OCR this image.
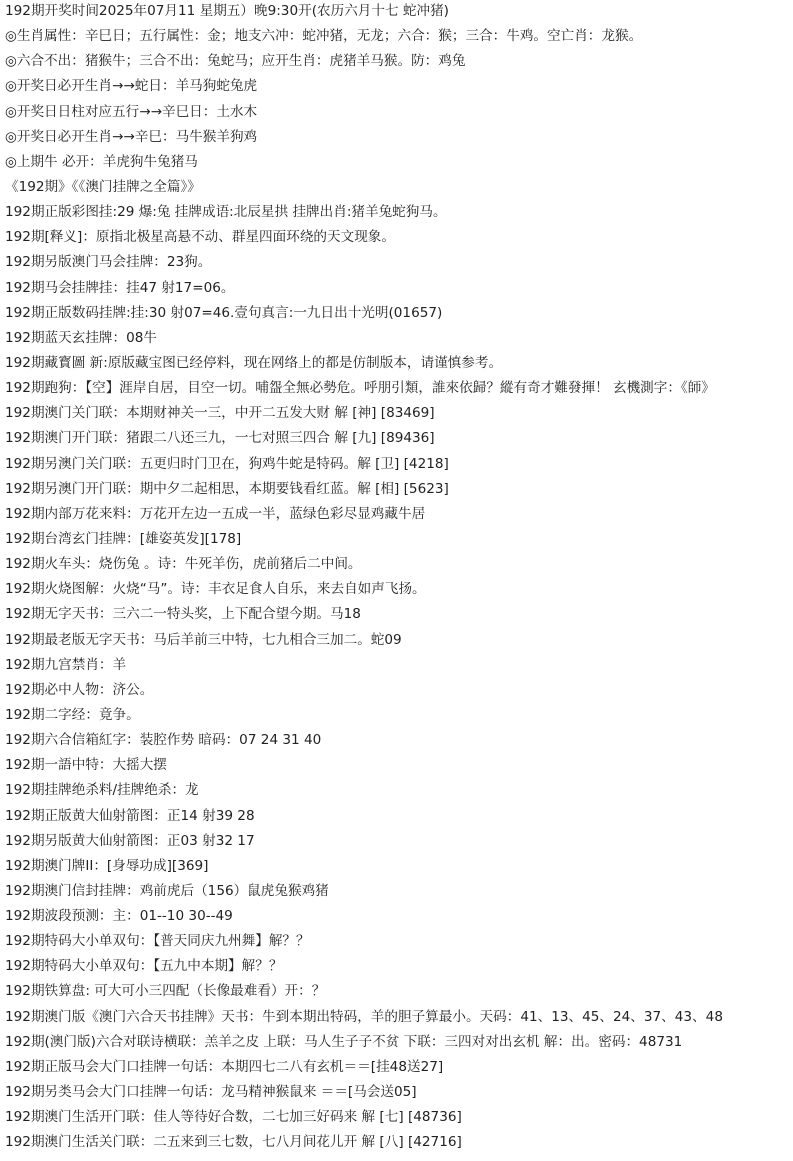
192期开奖时间2025年07月11 星期五）晚9:30开(农历六月十七 蛇冲猪)
◎生肖属性：辛巳日；五行属性：金；地支六冲：蛇冲猪，无龙；六合：猴；三合：牛鸡。空亡肖：龙猴。
◎六合不出：猪猴牛；三合不出：兔蛇马；应开生肖：虎猪羊马猴。防：鸡兔
◎开奖日必开生肖→→蛇日：羊马狗蛇兔虎
◎开奖日日柱对应五行→→辛巳日：土水木
◎开奖日必开生肖→→辛巳：马牛猴羊狗鸡
◎上期牛 必开：羊虎狗牛兔猪马
《192期》《《澳门挂牌之全篇》》
192期正版彩图挂:29 爆:兔 挂牌成语:北辰星拱 挂牌出肖:猪羊兔蛇狗马。
192期[释义]：原指北极星高悬不动、群星四面环绕的天文现象。
192期另版澳门马会挂牌：23狗。
192期马会挂牌挂：挂47 射17=06。
192期正版数码挂牌:挂:30 射07=46.壹句真言:一九日出十光明(01657)
192期蓝天玄挂牌：08牛
192期藏寳圖 新:原版藏宝图已经停料，现在网络上的都是仿制版本，请谨慎参考。
192期跑狗：【空】涯岸自居，目空一切。哺盌全無必勢危。呼朋引類，誰來依歸？縱有奇才難發揮！ 玄機測字：《師》
192期澳门关门联：本期财神关一三，中开二五发大财 解 [神] [83469]
192期澳门开门联：猪跟二八还三九，一七对照三四合 解 [九] [89436]
192期另澳门关门联：五更归时门卫在，狗鸡牛蛇是特码。解 [卫] [4218]
192期另澳门开门联：期中夕二起相思，本期要钱看红蓝。解 [相] [5623]
192期内部万花来料：万花开左边一五成一半，蓝绿色彩尽显鸡藏牛居
192期台湾玄门挂牌：[雄姿英发][178]
192期火车头：烧伤兔 。诗：牛死羊伤，虎前猪后二中间。
192期火烧图解：火烧“马”。诗：丰衣足食人自乐，来去自如声飞扬。
192期无字天书：三六二一特头奖，上下配合望今期。马18
192期最老版无字天书：马后羊前三中特，七九相合三加二。蛇09
192期九宫禁肖：羊
192期必中人物：济公。
192期二字经：竟争。
192期六合信箱紅字：装腔作势 暗码：07 24 31 40
192期一語中特：大摇大摆
192期挂牌绝杀料/挂牌绝杀：龙
192期正版黄大仙射箭图：正14 射39 28
192期另版黄大仙射箭图：正03 射32 17
192期澳门牌II：[身辱功成][369]
192期澳门信封挂牌：鸡前虎后（156）鼠虎兔猴鸡猪
192期波段预测：主：01--10 30--49
192期特码大小单双句：【普天同庆九州舞】解？？
192期特码大小单双句：【五九中本期】解？？
192期铁算盘: 可大可小三四配（长像最难看）开：？
192期澳门版《澳门六合天书挂牌》天书：牛到本期出特码，羊的胆子算最小。天码：41、13、45、24、37、43、48
192期(澳门版)六合对联诗横联：羔羊之皮 上联：马人生子子不贫 下联：三四对对出玄机 解：出。密码：48731
192期正版马会大门口挂牌一句话：本期四七二八有玄机＝＝[挂48送27]
192期另类马会大门口挂牌一句话：龙马精神猴鼠来 ＝＝[马会送05]
192期澳门生活开门联：佳人等待好合数，二七加三好码来 解 [七] [48736]
192期澳门生活关门联：二五来到三七数，七八月间花儿开 解 [八] [42716]
